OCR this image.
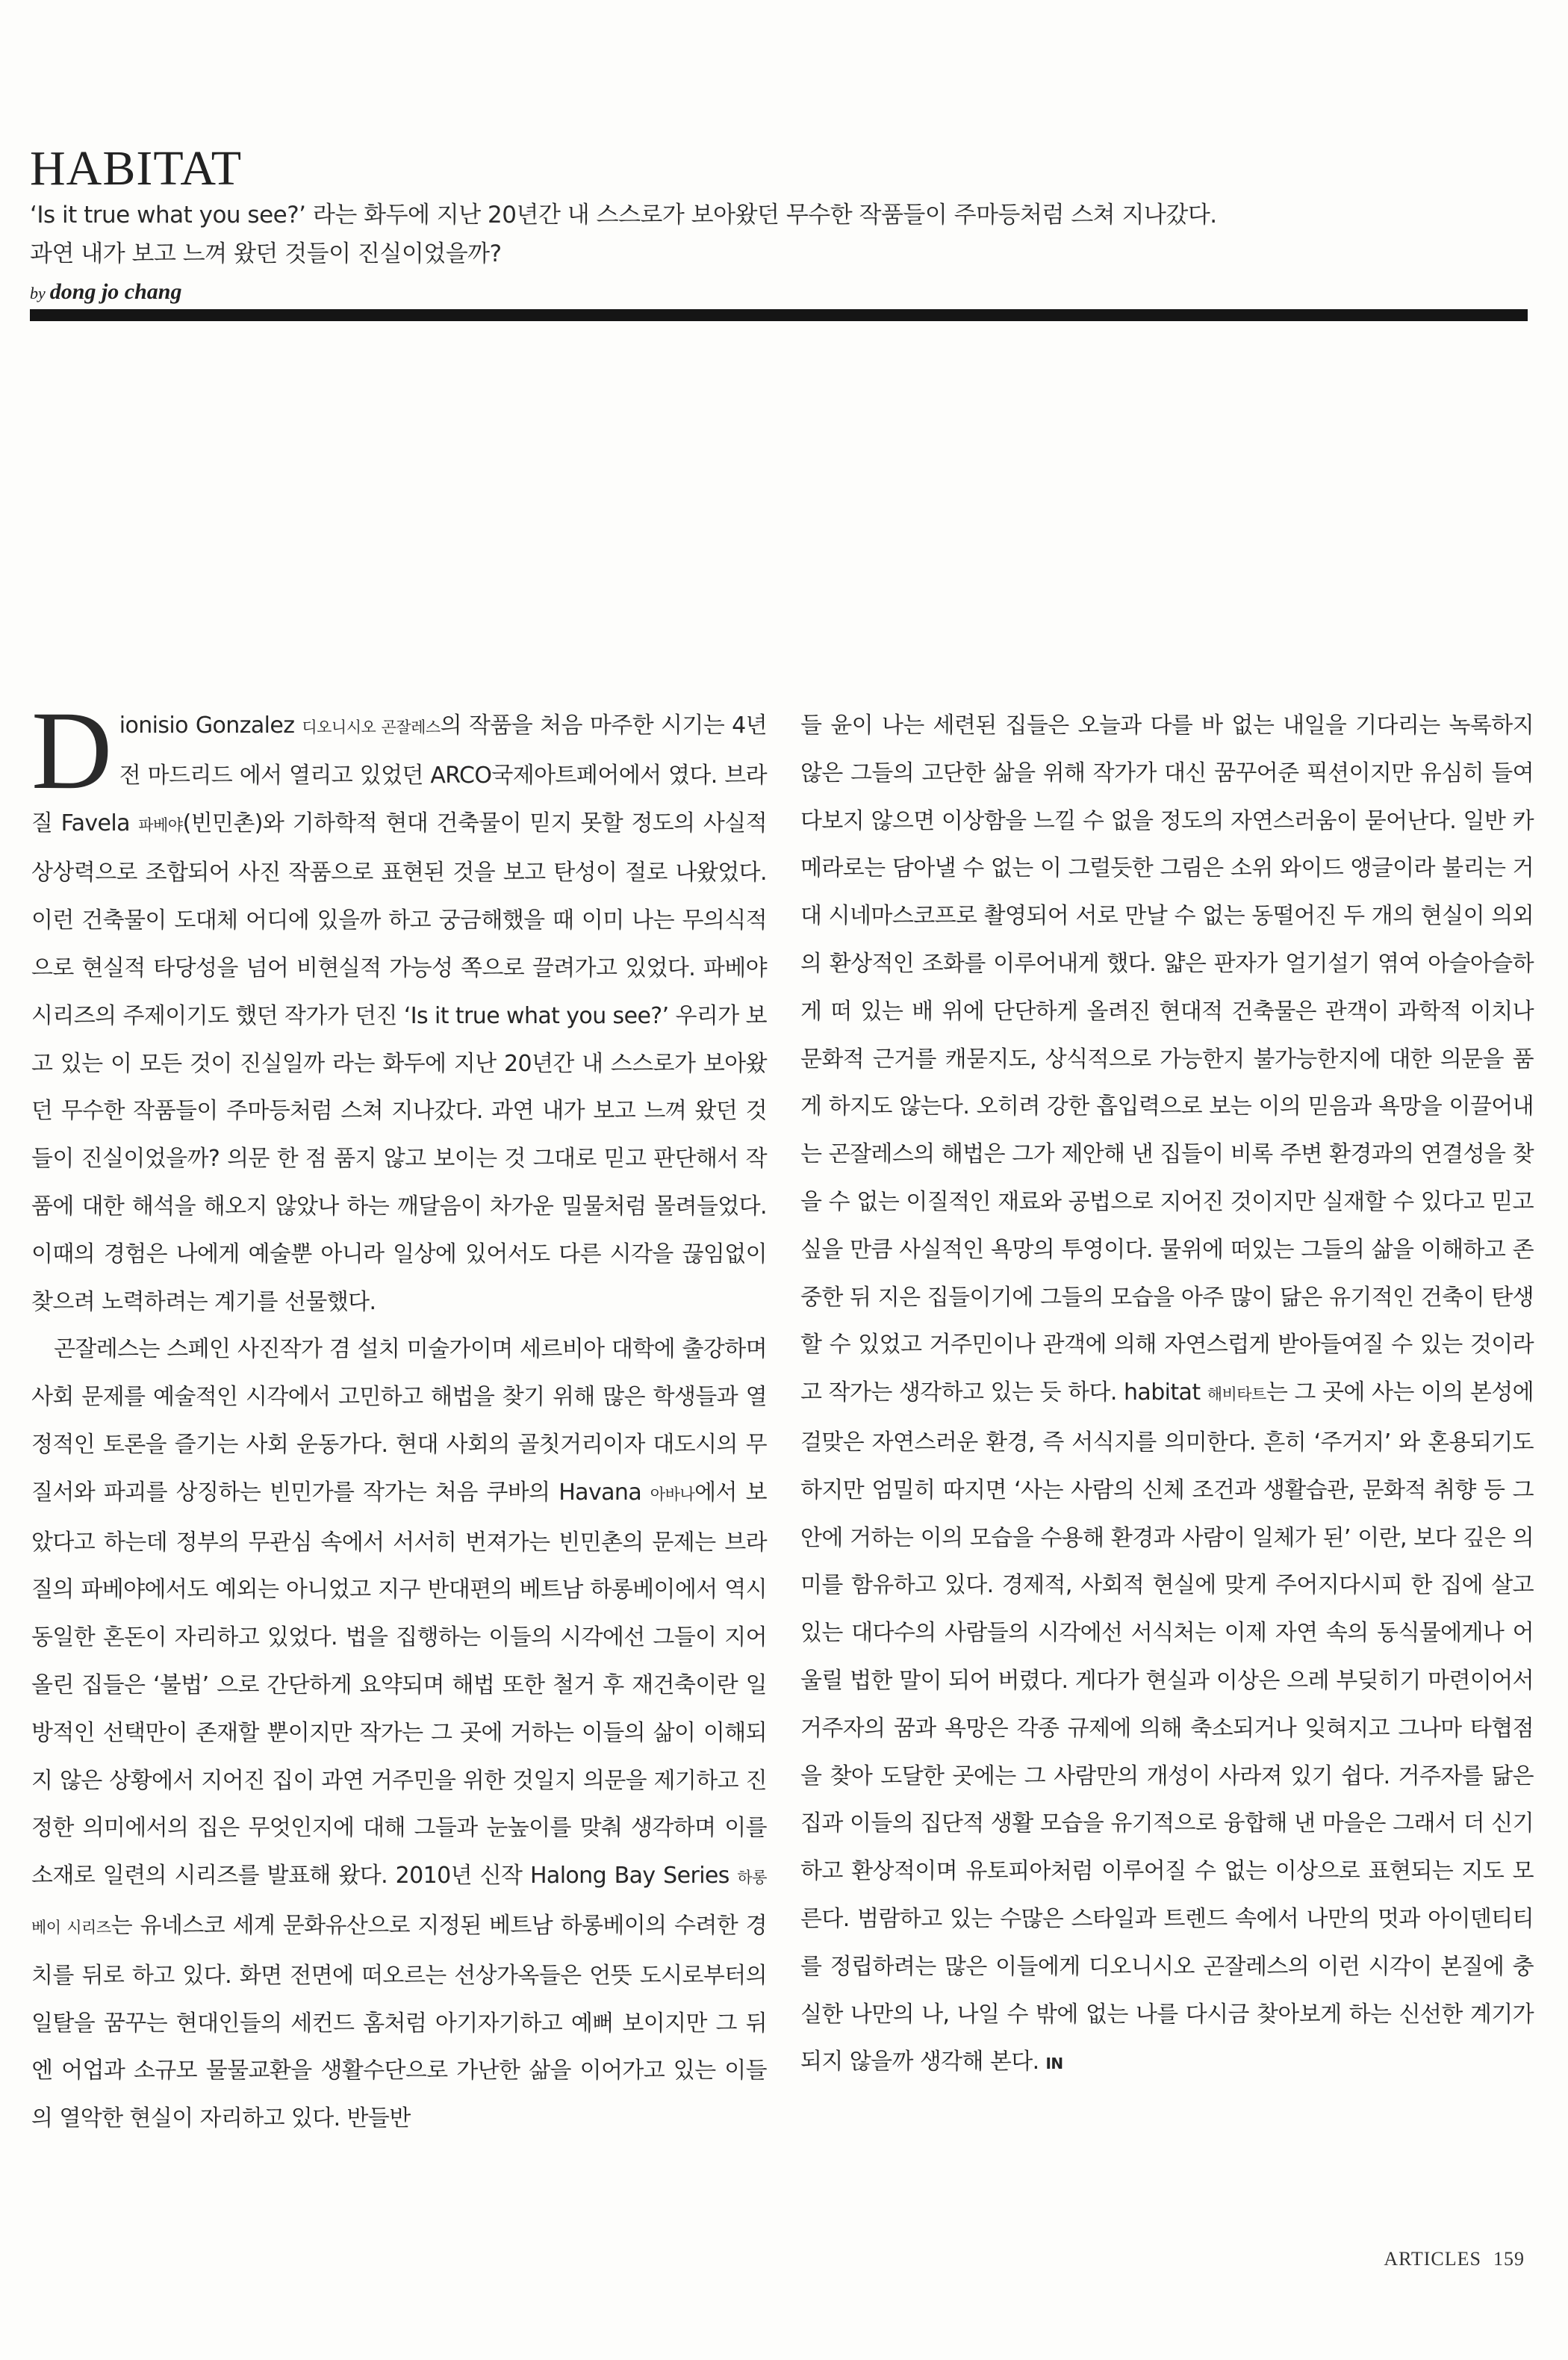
HABITAT

‘Is it true what you see?’ 라는 화두에 지난 20년간 내 스스로가 보아왔던 무수한 작품들이 주마등처럼 스쳐 지나갔다.

과연 내가 보고 느껴 왔던 것들이 진실이었을까?

by dong jo chang

Dionisio Gonzalez 디오니시오 곤잘레스의 작품을 처음 마주한 시기는 4년 전 마드리드 에서 열리고 있었던 ARCO국제아트페어에서 였다. 브라질 Favela 파베야(빈민촌)와 기하학적 현대 건축물이 믿지 못할 정도의 사실적 상상력으로 조합되어 사진 작품으로 표현된 것을 보고 탄성이 절로 나왔었다. 이런 건축물이 도대체 어디에 있을까 하고 궁금해했을 때 이미 나는 무의식적으로 현실적 타당성을 넘어 비현실적 가능성 쪽으로 끌려가고 있었다. 파베야 시리즈의 주제이기도 했던 작가가 던진 ‘Is it true what you see?’ 우리가 보고 있는 이 모든 것이 진실일까 라는 화두에 지난 20년간 내 스스로가 보아왔던 무수한 작품들이 주마등처럼 스쳐 지나갔다. 과연 내가 보고 느껴 왔던 것들이 진실이었을까? 의문 한 점 품지 않고 보이는 것 그대로 믿고 판단해서 작품에 대한 해석을 해오지 않았나 하는 깨달음이 차가운 밀물처럼 몰려들었다. 이때의 경험은 나에게 예술뿐 아니라 일상에 있어서도 다른 시각을 끊임없이 찾으려 노력하려는 계기를 선물했다.

곤잘레스는 스페인 사진작가 겸 설치 미술가이며 세르비아 대학에 출강하며 사회 문제를 예술적인 시각에서 고민하고 해법을 찾기 위해 많은 학생들과 열정적인 토론을 즐기는 사회 운동가다. 현대 사회의 골칫거리이자 대도시의 무질서와 파괴를 상징하는 빈민가를 작가는 처음 쿠바의 Havana 아바나에서 보았다고 하는데 정부의 무관심 속에서 서서히 번져가는 빈민촌의 문제는 브라질의 파베야에서도 예외는 아니었고 지구 반대편의 베트남 하롱베이에서 역시 동일한 혼돈이 자리하고 있었다. 법을 집행하는 이들의 시각에선 그들이 지어 올린 집들은 ‘불법’ 으로 간단하게 요약되며 해법 또한 철거 후 재건축이란 일방적인 선택만이 존재할 뿐이지만 작가는 그 곳에 거하는 이들의 삶이 이해되지 않은 상황에서 지어진 집이 과연 거주민을 위한 것일지 의문을 제기하고 진정한 의미에서의 집은 무엇인지에 대해 그들과 눈높이를 맞춰 생각하며 이를 소재로 일련의 시리즈를 발표해 왔다. 2010년 신작 Halong Bay Series 하롱베이 시리즈는 유네스코 세계 문화유산으로 지정된 베트남 하롱베이의 수려한 경치를 뒤로 하고 있다. 화면 전면에 떠오르는 선상가옥들은 언뜻 도시로부터의 일탈을 꿈꾸는 현대인들의 세컨드 홈처럼 아기자기하고 예뻐 보이지만 그 뒤엔 어업과 소규모 물물교환을 생활수단으로 가난한 삶을 이어가고 있는 이들의 열악한 현실이 자리하고 있다. 반들반

들 윤이 나는 세련된 집들은 오늘과 다를 바 없는 내일을 기다리는 녹록하지 않은 그들의 고단한 삶을 위해 작가가 대신 꿈꾸어준 픽션이지만 유심히 들여다보지 않으면 이상함을 느낄 수 없을 정도의 자연스러움이 묻어난다. 일반 카메라로는 담아낼 수 없는 이 그럴듯한 그림은 소위 와이드 앵글이라 불리는 거대 시네마스코프로 촬영되어 서로 만날 수 없는 동떨어진 두 개의 현실이 의외의 환상적인 조화를 이루어내게 했다. 얇은 판자가 얼기설기 엮여 아슬아슬하게 떠 있는 배 위에 단단하게 올려진 현대적 건축물은 관객이 과학적 이치나 문화적 근거를 캐묻지도, 상식적으로 가능한지 불가능한지에 대한 의문을 품게 하지도 않는다. 오히려 강한 흡입력으로 보는 이의 믿음과 욕망을 이끌어내는 곤잘레스의 해법은 그가 제안해 낸 집들이 비록 주변 환경과의 연결성을 찾을 수 없는 이질적인 재료와 공법으로 지어진 것이지만 실재할 수 있다고 믿고 싶을 만큼 사실적인 욕망의 투영이다. 물위에 떠있는 그들의 삶을 이해하고 존중한 뒤 지은 집들이기에 그들의 모습을 아주 많이 닮은 유기적인 건축이 탄생할 수 있었고 거주민이나 관객에 의해 자연스럽게 받아들여질 수 있는 것이라고 작가는 생각하고 있는 듯 하다. habitat 해비타트는 그 곳에 사는 이의 본성에 걸맞은 자연스러운 환경, 즉 서식지를 의미한다. 흔히 ‘주거지’ 와 혼용되기도 하지만 엄밀히 따지면 ‘사는 사람의 신체 조건과 생활습관, 문화적 취향 등 그 안에 거하는 이의 모습을 수용해 환경과 사람이 일체가 된’ 이란, 보다 깊은 의미를 함유하고 있다. 경제적, 사회적 현실에 맞게 주어지다시피 한 집에 살고 있는 대다수의 사람들의 시각에선 서식처는 이제 자연 속의 동식물에게나 어울릴 법한 말이 되어 버렸다. 게다가 현실과 이상은 으레 부딪히기 마련이어서 거주자의 꿈과 욕망은 각종 규제에 의해 축소되거나 잊혀지고 그나마 타협점을 찾아 도달한 곳에는 그 사람만의 개성이 사라져 있기 쉽다. 거주자를 닮은 집과 이들의 집단적 생활 모습을 유기적으로 융합해 낸 마을은 그래서 더 신기하고 환상적이며 유토피아처럼 이루어질 수 없는 이상으로 표현되는 지도 모른다. 범람하고 있는 수많은 스타일과 트렌드 속에서 나만의 멋과 아이덴티티를 정립하려는 많은 이들에게 디오니시오 곤잘레스의 이런 시각이 본질에 충실한 나만의 나, 나일 수 밖에 없는 나를 다시금 찾아보게 하는 신선한 계기가 되지 않을까 생각해 본다. IN

ARTICLES 159
